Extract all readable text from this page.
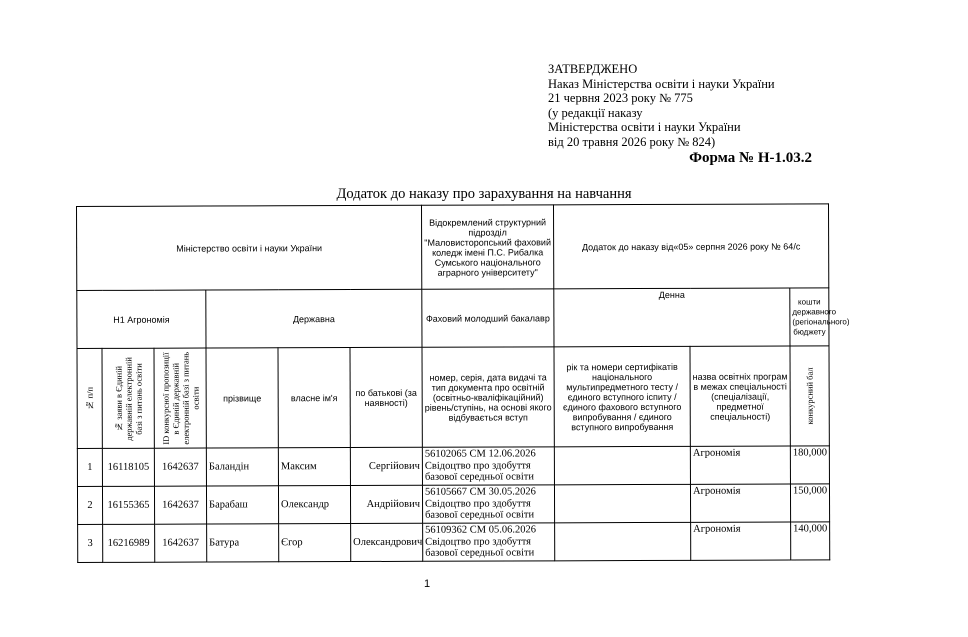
ЗАТВЕРДЖЕНО
Наказ Міністерства освіти і науки України
21 червня 2023 року № 775
(у редакції наказу
Міністерства освіти і науки України
від 20 травня 2026 року № 824)
Форма № Н-1.03.2
Додаток до наказу про зарахування на навчання
Міністерство освіти і науки України						Відокремлений структурний підрозділ "Маловисторопський фаховий коледж імені П.С. Рибалка Сумського національного аграрного університету"	Додаток до наказу від«05» серпня 2026 року № 64/с		
Н1 Агрономія			Державна			Фаховий молодший бакалавр	Денна		кошти державного (регіонального) бюджету

№ п/п	№ заяви в Єдиній державній електронній базі з питань освіти	ID конкурсної пропозиції в Єдиній державній електронній базі з питань освіти	прізвище	власне ім'я	по батькові (за наявності)	номер, серія, дата видачі та тип документа про освітній (освітньо-кваліфікаційний) рівень/ступінь, на основі якого відбувається вступ	рік та номери сертифікатів національного мультипредметного тесту / єдиного вступного іспиту / єдиного фахового вступного випробування / єдиного вступного випробування	назва освітніх програм в межах спеціальності (спеціалізації, предметної спеціальності)	конкурсний бал

1	16118105	1642637	Баландін	Максим	Сергійович	56102065 СМ 12.06.2026
Свідоцтво про здобуття базової середньої освіти		Агрономія	180,000
2	16155365	1642637	Барабаш	Олександр	Андрійович	56105667 СМ 30.05.2026
Свідоцтво про здобуття базової середньої освіти		Агрономія	150,000
3	16216989	1642637	Батура	Єгор	Олександрович	56109362 СМ 05.06.2026
Свідоцтво про здобуття базової середньої освіти		Агрономія	140,000
1
